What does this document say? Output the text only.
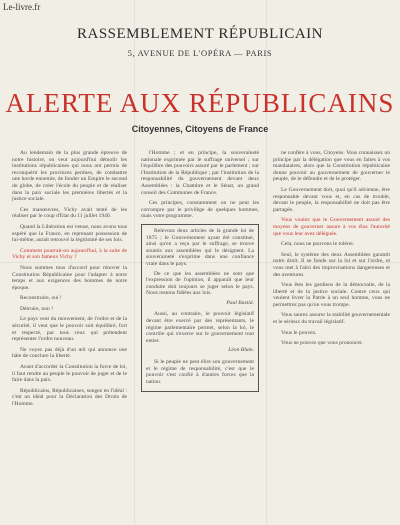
Le-livre.fr
RASSEMBLEMENT RÉPUBLICAIN
5, AVENUE DE L'OPÉRA — PARIS
ALERTE AUX RÉPUBLICAINS
Citoyennes, Citoyens de France

Au lendemain de la plus grande épreuve de notre histoire, on veut aujourd'hui démolir les institutions républicaines qui nous ont permis de reconquérir les provinces perdues, de combattre une horde ennemie, de fonder un Empire le second du globe, de créer l'école du peuple et de réaliser dans la paix sociale les premières libertés et la justice sociale.

Ces manœuvres, Vichy avait tenté de les réaliser par le coup d'Etat du 11 juillet 1940.

Quand la Libération est venue, nous avons tous espéré que la France, en reprenant possession de lui-même, aurait retrouvé la légitimité de ses lois.

Comment pourrait-on aujourd'hui, à la suite de Vichy et son fameux Vichy ?

Nous sommes tous d'accord pour rénover la Constitution Républicaine pour l'adapter à notre temps et aux exigences des hommes de notre époque.

Reconstruire, oui !

Détruire, non !

Le pays veut du mouvement, de l'ordre et de la sécurité, il veut que le pouvoir soit équilibré, fort et respecté, par tous ceux qui prétendent représenter l'ordre nouveau.

Ne voyez pas déjà d'un œil qui annonce une hâte de conclure la liberté.

Avant d'accorder la Constitution la force de loi, il faut rendre au peuple le pouvoir de juger et de le faire dans la paix.

Républicains, Républicaines, songez en l'idéal : c'est un idéal pour la Déclaration des Droits de l'Homme.

l'Homme ; et en principe, la souveraineté nationale exprimée par le suffrage universel ; sur l'équilibre des pouvoirs assuré par le parlement ; sur l'Institution de la République ; par l'institution de la responsabilité du gouvernement devant deux Assemblées : la Chambre et le Sénat, un grand conseil des Communes de France.

Ces principes, constamment on ne peut les corrompre par le privilège de quelques hommes, mais votre programme.

Relevons deux articles de la grande loi de 1875 ; le Gouvernement ayant été constitué, ainsi qu'en a reçu par le suffrage, se trouve soumis aux assemblées qui le désignent. La souveraineté s'exprime dans une confiance vraie dans le pays.

De ce que les assemblées ne sont que l'expression de l'opinion, il apparaît que leur conduite doit toujours se juger selon le pays. Nous restons fidèles aux lois.

Paul Bastid.

Aussi, au contraire, le pouvoir législatif devant être exercé par des représentants, le régime parlementaire permet, selon la loi, le contrôle qui s'exerce sur le gouvernement tout entier.

Léon Blum.

Si le peuple ne peut élire son gouvernement et le régime de responsabilité, c'est que le pouvoir s'est confié à d'autres forces que la nation.

ne confère à vous, Citoyens. Vous connaissez un principe par la délégation que vous en faites à vos mandataires, alors que la Constitution républicaine donne pouvoir au gouvernement de gouverner le peuple, de le défendre et de le protéger.

Le Gouvernement doit, quoi qu'il advienne, être responsable devant vous et, en cas de trouble, devant le peuple, la responsabilité ne doit pas être partagée.

Vous voulez que le Gouvernement assuré des moyens de gouverner assure à vos élus l'autorité que vous leur avez déléguée.

Cela, nous ne pouvons le tolérer.

Seul, le système des deux Assemblées garantit notre droit. Il se fonde sur la loi et sur l'ordre, et vous met à l'abri des improvisations dangereuses et des aventures.

Vous êtes les gardiens de la démocratie, de la liberté et de la justice sociale. Contre ceux qui veulent livrer la Patrie à un seul homme, vous ne permettrez pas qu'on vous trompe.

Vous saurez assurer la stabilité gouvernementale et le sérieux du travail législatif.

Vous le pouvez.

Vous ne pouvez que vous prononcer.
